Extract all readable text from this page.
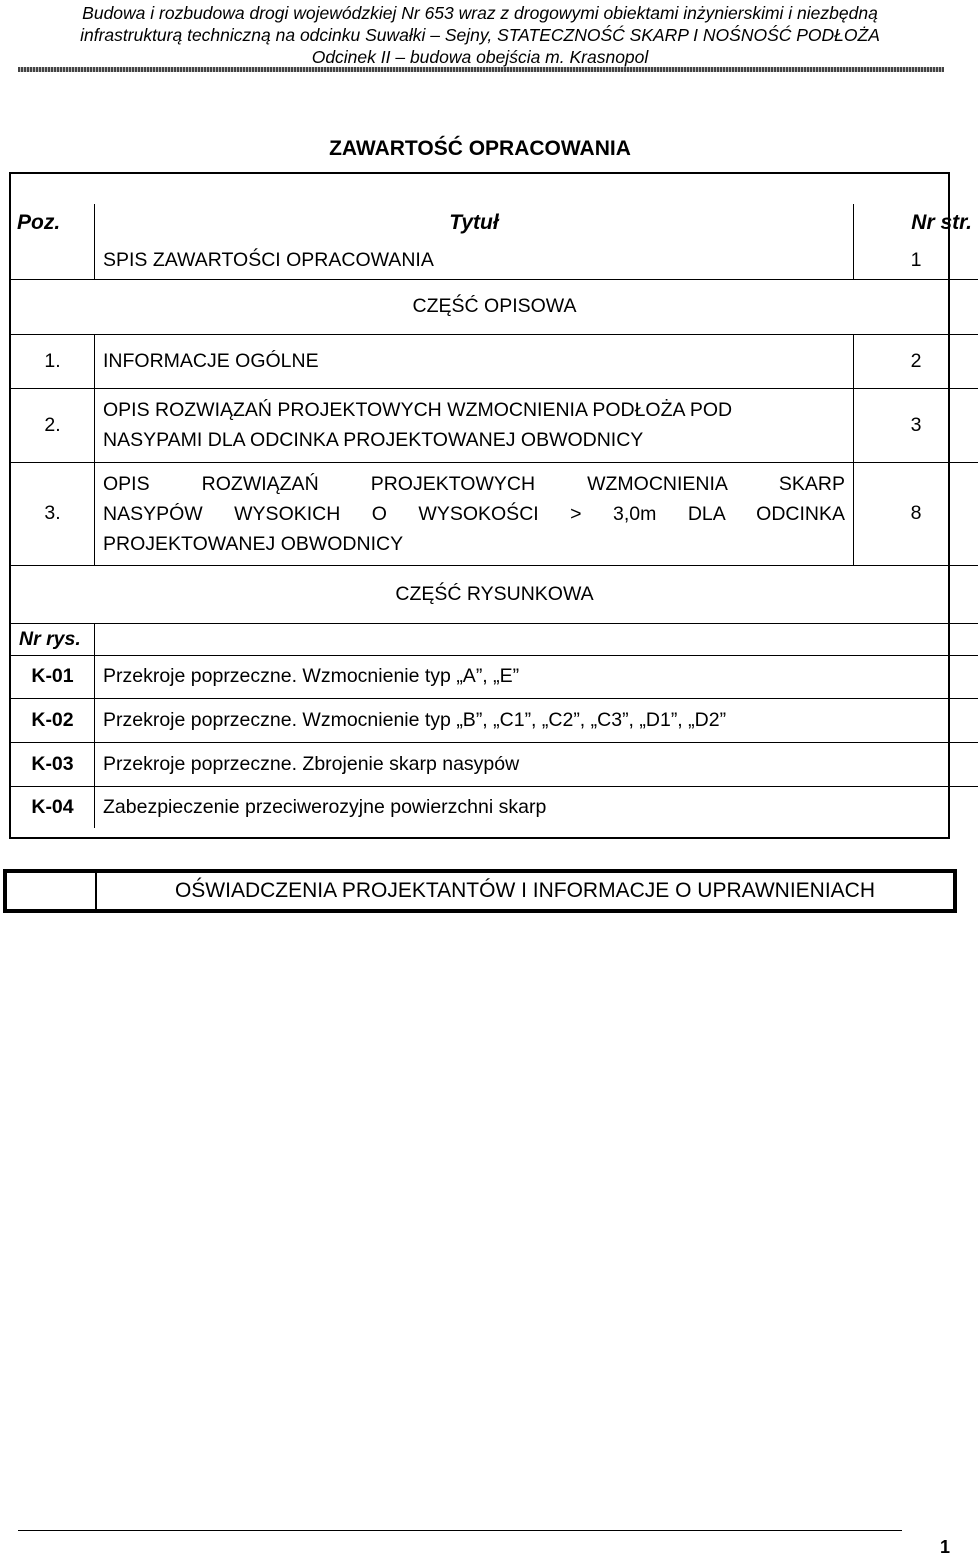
Budowa i rozbudowa drogi wojewódzkiej Nr 653 wraz z drogowymi obiektami inżynierskimi i niezbędną
infrastrukturą techniczną na odcinku Suwałki – Sejny, STATECZNOŚĆ SKARP I NOŚNOŚĆ PODŁOŻA
Odcinek II – budowa obejścia m. Krasnopol
ZAWARTOŚĆ OPRACOWANIA
Poz.	Tytuł	Nr str.
	SPIS ZAWARTOŚCI OPRACOWANIA	1
CZĘŚĆ OPISOWA		
1.	INFORMACJE OGÓLNE	2
2.	OPIS ROZWIĄZAŃ PROJEKTOWYCH WZMOCNIENIA PODŁOŻA POD
NASYPAMI DLA ODCINKA PROJEKTOWANEJ OBWODNICY	3
3.	OPIS ROZWIĄZAŃ PROJEKTOWYCH WZMOCNIENIA SKARP
NASYPÓW WYSOKICH O WYSOKOŚCI > 3,0m DLA ODCINKA
PROJEKTOWANEJ OBWODNICY	8
CZĘŚĆ RYSUNKOWA		
Nr rys.		
K-01	Przekroje poprzeczne. Wzmocnienie typ „A”, „E”	
K-02	Przekroje poprzeczne. Wzmocnienie typ „B”, „C1”, „C2”, „C3”, „D1”, „D2”	
K-03	Przekroje poprzeczne. Zbrojenie skarp nasypów	
K-04	Zabezpieczenie przeciwerozyjne powierzchni skarp	
OŚWIADCZENIA PROJEKTANTÓW I INFORMACJE O UPRAWNIENIACH
1
